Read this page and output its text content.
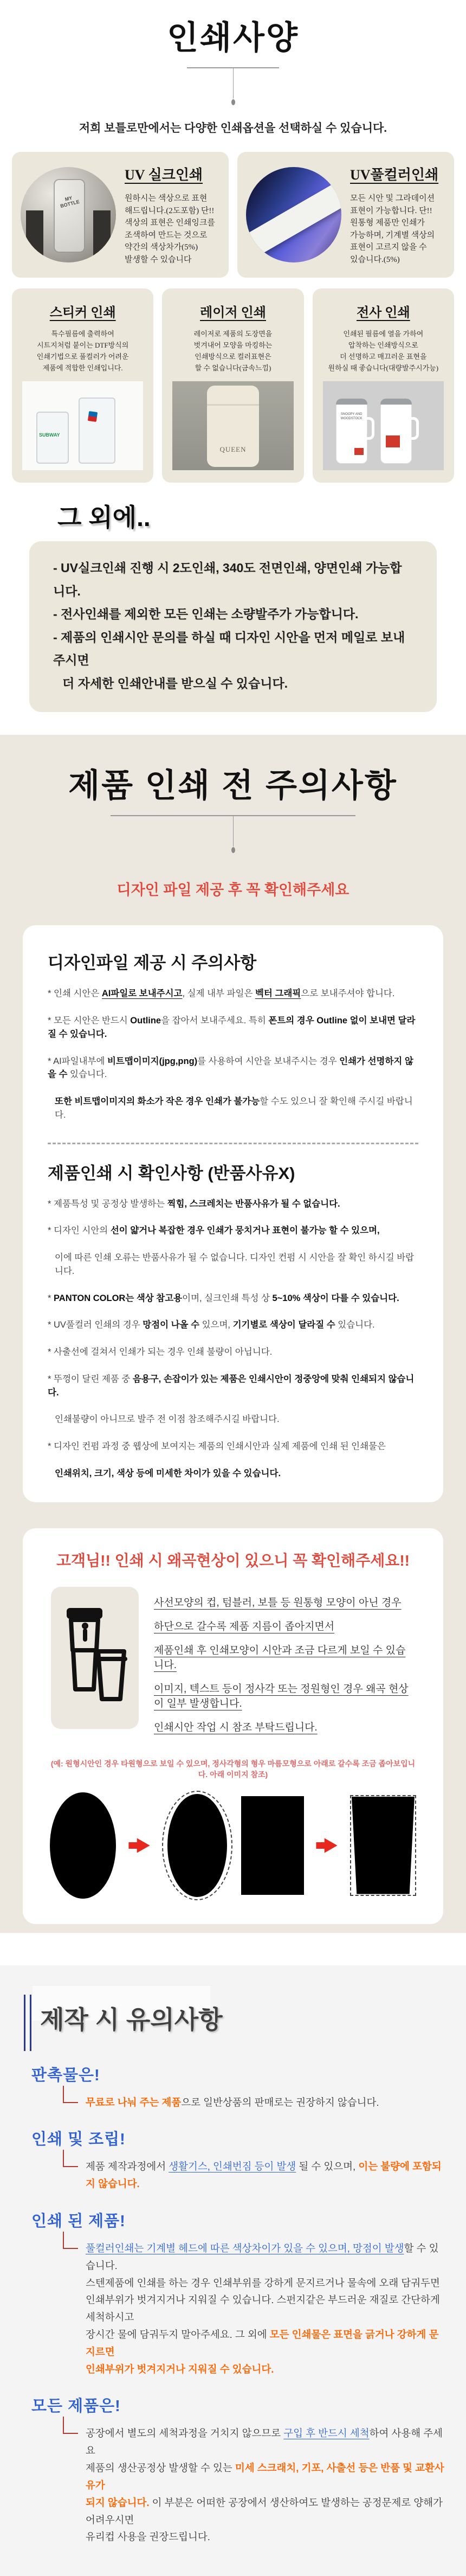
인쇄사양

저희 보틀로만에서는 다양한 인쇄옵션을 선택하실 수 있습니다.

MY BOTTLE
UV 실크인쇄

원하시는 색상으로 표현

해드립니다.(2도포함) 단!!

색상의 표현은 인쇄잉크를

조색하여 만드는 것으로

약간의 색상차가(5%)

발생할 수 있습니다

UV풀컬러인쇄

모든 시안 및 그라데이션

표현이 가능합니다. 단!!

원통형 제품만 인쇄가

가능하며, 기계별 색상의

표현이 고르지 않을 수

있습니다.(5%)

스티커 인쇄

특수필름에 출력하여

시트지처럼 붙이는 DTF방식의

인쇄기법으로 풀컬러가 어려운

제품에 적합한 인쇄입니다.

SUBWAY
레이저 인쇄

레이저로 제품의 도장면을

벗겨내어 모양을 마킹하는

인쇄방식으로 컬러표현은

할 수 없습니다(금속느낌)

QUEEN
전사 인쇄

인쇄된 필름에 열을 가하여

압착하는 인쇄방식으로

더 선명하고 매끄러운 표현을

원하실 때 좋습니다(대량발주시가능)

SNOOPY AND WOODSTOCK
그 외에..

- UV실크인쇄 진행 시 2도인쇄, 340도 전면인쇄, 양면인쇄 가능합니다.

- 전사인쇄를 제외한 모든 인쇄는 소량발주가 가능합니다.

- 제품의 인쇄시안 문의를 하실 때 디자인 시안을 먼저 메일로 보내주시면

더 자세한 인쇄안내를 받으실 수 있습니다.

제품 인쇄 전 주의사항

디자인 파일 제공 후 꼭 확인해주세요

디자인파일 제공 시 주의사항

* 인쇄 시안은 AI파일로 보내주시고, 실제 내부 파일은 벡터 그래픽으로 보내주셔야 합니다.

* 모든 시안은 반드시 Outline을 잡아서 보내주세요. 특히 폰트의 경우 Outline 없이 보내면 달라질 수 있습니다.

* AI파일내부에 비트맵이미지(jpg,png)를 사용하여 시안을 보내주시는 경우 인쇄가 선명하지 않을 수 있습니다.

또한 비트맵이미지의 화소가 작은 경우 인쇄가 불가능할 수도 있으니 잘 확인해 주시길 바랍니다.

제품인쇄 시 확인사항 (반품사유X)

* 제품특성 및 공정상 발생하는 찍힘, 스크레치는 반품사유가 될 수 없습니다.

* 디자인 시안의 선이 얇거나 복잡한 경우 인쇄가 뭉치거나 표현이 불가능 할 수 있으며,

이에 따른 인쇄 오류는 반품사유가 될 수 없습니다. 디자인 컨펌 시 시안을 잘 확인 하시길 바랍니다.

* PANTON COLOR는 색상 참고용이며, 실크인쇄 특성 상 5~10% 색상이 다를 수 있습니다.

* UV풀컬러 인쇄의 경우 망점이 나올 수 있으며, 기기별로 색상이 달라질 수 있습니다.

* 사출선에 걸쳐서 인쇄가 되는 경우 인쇄 불량이 아닙니다.

* 뚜껑이 달린 제품 중 음용구, 손잡이가 있는 제품은 인쇄시안이 정중앙에 맞춰 인쇄되지 않습니다.

인쇄불량이 아니므로 발주 전 이점 참조해주시길 바랍니다.

* 디자인 컨펌 과정 중 웹상에 보여지는 제품의 인쇄시안과 실제 제품에 인쇄 된 인쇄물은

인쇄위치, 크기, 색상 등에 미세한 차이가 있을 수 있습니다.

고객님!! 인쇄 시 왜곡현상이 있으니 꼭 확인해주세요!!

사선모양의 컵, 텀블러, 보틀 등 원통형 모양이 아닌 경우

하단으로 갈수록 제품 지름이 좁아지면서

제품인쇄 후 인쇄모양이 시안과 조금 다르게 보일 수 있습니다.

이미지, 텍스트 등이 정사각 또는 정원형인 경우 왜곡 현상이 일부 발생합니다.

인쇄시안 작업 시 참조 부탁드립니다.

(예: 원형시안인 경우 타원형으로 보일 수 있으며, 정사각형의 형우 마름모형으로 아래로 갈수록 조금 좁아보입니다. 아래 이미지 참조)

제작 시 유의사항
판촉물은!

무료로 나눠 주는 제품으로 일반상품의 판매로는 권장하지 않습니다.

인쇄 및 조립!

제품 제작과정에서 생활기스, 인쇄번짐 등이 발생 될 수 있으며, 이는 불량에 포함되지 않습니다.

인쇄 된 제품!

풀컬러인쇄는 기계별 헤드에 따른 색상차이가 있을 수 있으며, 망점이 발생할 수 있습니다.

스텐제품에 인쇄를 하는 경우 인쇄부위를 강하게 문지르거나 물속에 오래 담궈두면

인쇄부위가 벗겨지거나 지워질 수 있습니다. 스펀지같은 부드러운 재질로 간단하게 세척하시고

장시간 물에 담궈두지 말아주세요. 그 외에 모든 인쇄물은 표면을 긁거나 강하게 문지르면

인쇄부위가 벗겨지거나 지워질 수 있습니다.

모든 제품은!

공장에서 별도의 세척과정을 거치지 않으므로 구입 후 반드시 세척하여 사용해 주세요

제품의 생산공정상 발생할 수 있는 미세 스크래치, 기포, 사출선 등은 반품 및 교환사유가

되지 않습니다. 이 부분은 어떠한 공장에서 생산하여도 발생하는 공정문제로 양해가 어려우시면

유리컵 사용을 권장드립니다.
